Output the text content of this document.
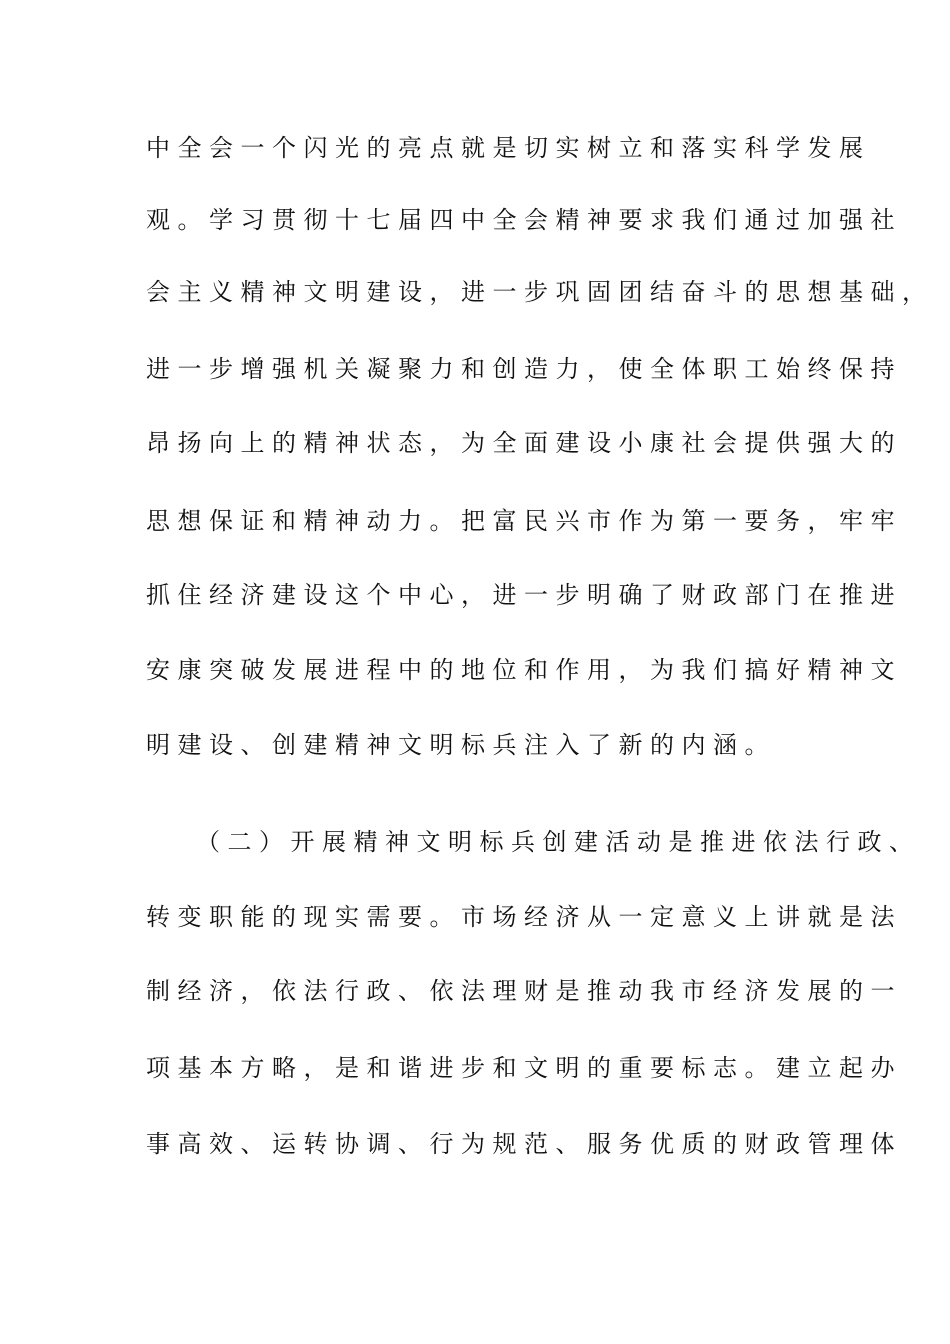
中全会一个闪光的亮点就是切实树立和落实科学发展
观。学习贯彻十七届四中全会精神要求我们通过加强社
会主义精神文明建设，进一步巩固团结奋斗的思想基础，
进一步增强机关凝聚力和创造力，使全体职工始终保持
昂扬向上的精神状态，为全面建设小康社会提供强大的
思想保证和精神动力。把富民兴市作为第一要务，牢牢
抓住经济建设这个中心，进一步明确了财政部门在推进
安康突破发展进程中的地位和作用，为我们搞好精神文
明建设、创建精神文明标兵注入了新的内涵。
（二）开展精神文明标兵创建活动是推进依法行政、
转变职能的现实需要。市场经济从一定意义上讲就是法
制经济，依法行政、依法理财是推动我市经济发展的一
项基本方略，是和谐进步和文明的重要标志。建立起办
事高效、运转协调、行为规范、服务优质的财政管理体
